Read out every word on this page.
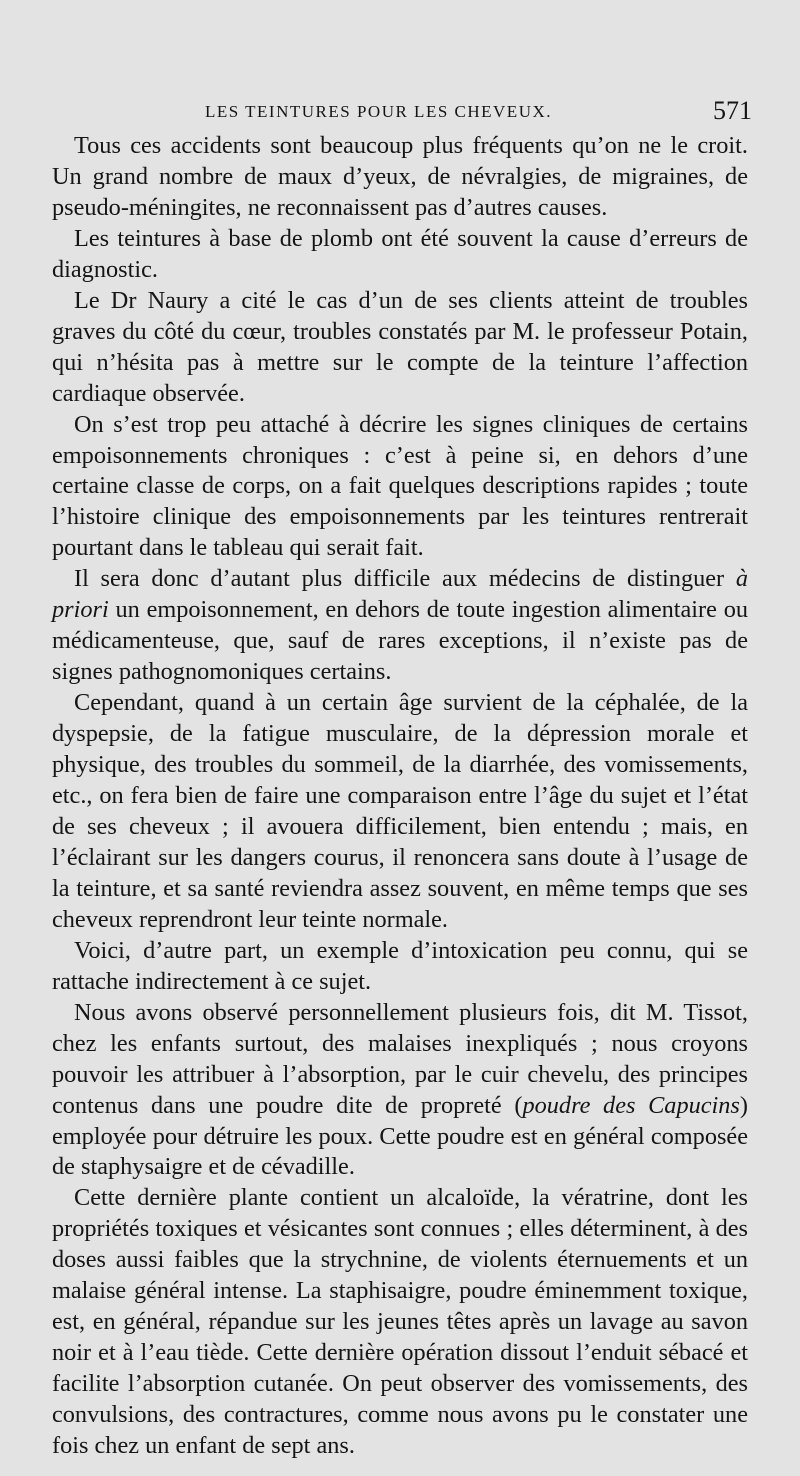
LES TEINTURES POUR LES CHEVEUX.	571

Tous ces accidents sont beaucoup plus fréquents qu’on ne le croit. Un grand nombre de maux d’yeux, de névralgies, de migraines, de pseudo-méningites, ne reconnaissent pas d’autres causes.

Les teintures à base de plomb ont été souvent la cause d’erreurs de diagnostic.

Le Dr Naury a cité le cas d’un de ses clients atteint de troubles graves du côté du cœur, troubles constatés par M. le professeur Potain, qui n’hésita pas à mettre sur le compte de la teinture l’affection cardiaque observée.

On s’est trop peu attaché à décrire les signes cliniques de certains empoisonnements chroniques : c’est à peine si, en dehors d’une certaine classe de corps, on a fait quelques descriptions rapides ; toute l’histoire clinique des empoisonnements par les teintures rentrerait pourtant dans le tableau qui serait fait.

Il sera donc d’autant plus difficile aux médecins de distinguer à priori un empoisonnement, en dehors de toute ingestion alimentaire ou médicamenteuse, que, sauf de rares exceptions, il n’existe pas de signes pathognomoniques certains.

Cependant, quand à un certain âge survient de la céphalée, de la dyspepsie, de la fatigue musculaire, de la dépression morale et physique, des troubles du sommeil, de la diarrhée, des vomissements, etc., on fera bien de faire une comparaison entre l’âge du sujet et l’état de ses cheveux ; il avouera difficilement, bien entendu ; mais, en l’éclairant sur les dangers courus, il renoncera sans doute à l’usage de la teinture, et sa santé reviendra assez souvent, en même temps que ses cheveux reprendront leur teinte normale.

Voici, d’autre part, un exemple d’intoxication peu connu, qui se rattache indirectement à ce sujet.

Nous avons observé personnellement plusieurs fois, dit M. Tissot, chez les enfants surtout, des malaises inexpliqués ; nous croyons pouvoir les attribuer à l’absorption, par le cuir chevelu, des principes contenus dans une poudre dite de propreté (poudre des Capucins) employée pour détruire les poux. Cette poudre est en général composée de staphysaigre et de cévadille.

Cette dernière plante contient un alcaloïde, la vératrine, dont les propriétés toxiques et vésicantes sont connues ; elles déterminent, à des doses aussi faibles que la strychnine, de violents éternuements et un malaise général intense. La staphisaigre, poudre éminemment toxique, est, en général, répandue sur les jeunes têtes après un lavage au savon noir et à l’eau tiède. Cette dernière opération dissout l’enduit sébacé et facilite l’absorption cutanée. On peut observer des vomissements, des convulsions, des contractures, comme nous avons pu le constater une fois chez un enfant de sept ans.
